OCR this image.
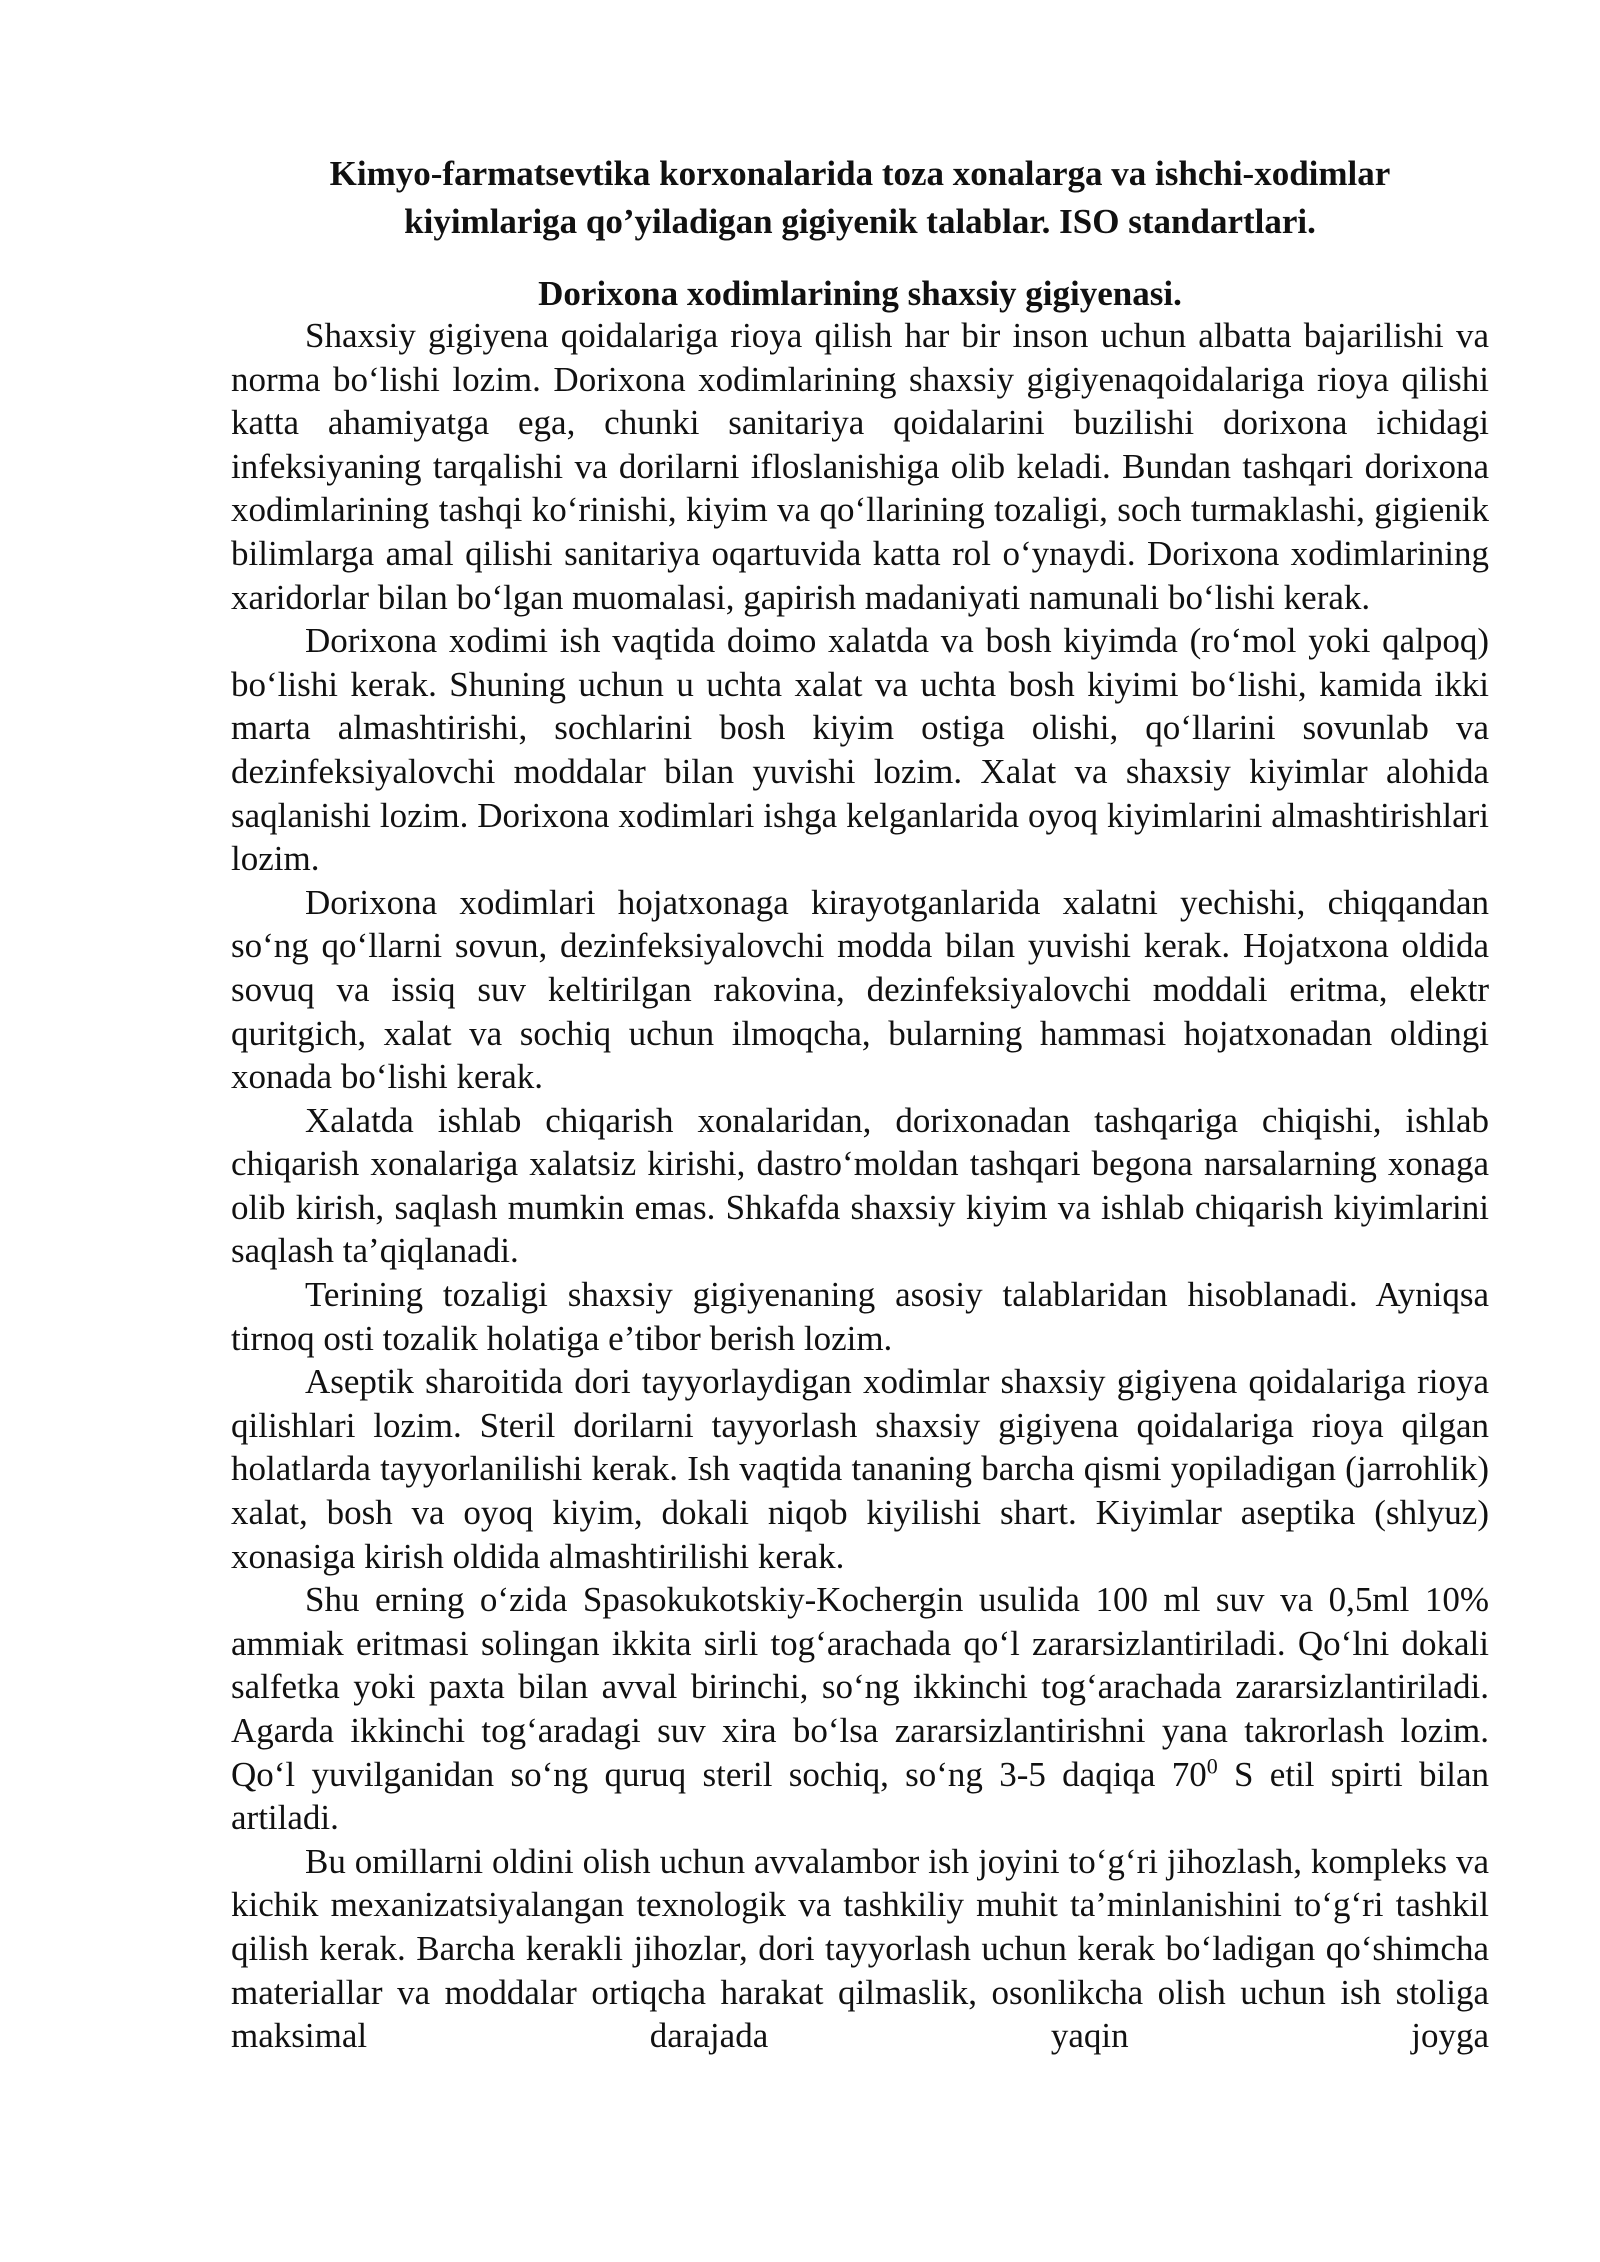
Kimyo-farmatsevtika korxonalarida toza xonalarga va ishchi-xodimlar
kiyimlariga qo’yiladigan gigiyenik talablar. ISO standartlari.
Dorixona xodimlarining shaxsiy gigiyenasi.

Shaxsiy gigiyena qoidalariga rioya qilish har bir inson uchun albatta bajarilishi va norma bo‘lishi lozim. Dorixona xodimlarining shaxsiy gigiyenaqoidalariga rioya qilishi katta ahamiyatga ega, chunki sanitariya qoidalarini buzilishi dorixona ichidagi infeksiyaning tarqalishi va dorilarni ifloslanishiga olib keladi. Bundan tashqari dorixona xodimlarining tashqi ko‘rinishi, kiyim va qo‘llarining tozaligi, soch turmaklashi, gigienik bilimlarga amal qilishi sanitariya oqartuvida katta rol o‘ynaydi. Dorixona xodimlarining xaridorlar bilan bo‘lgan muomalasi, gapirish madaniyati namunali bo‘lishi kerak.

Dorixona xodimi ish vaqtida doimo xalatda va bosh kiyimda (ro‘mol yoki qalpoq) bo‘lishi kerak. Shuning uchun u uchta xalat va uchta bosh kiyimi bo‘lishi, kamida ikki marta almashtirishi, sochlarini bosh kiyim ostiga olishi, qo‘llarini sovunlab va dezinfeksiyalovchi moddalar bilan yuvishi lozim. Xalat va shaxsiy kiyimlar alohida saqlanishi lozim. Dorixona xodimlari ishga kelganlarida oyoq kiyimlarini almashtirishlari lozim.

Dorixona xodimlari hojatxonaga kirayotganlarida xalatni yechishi, chiqqandan so‘ng qo‘llarni sovun, dezinfeksiyalovchi modda bilan yuvishi kerak. Hojatxona oldida sovuq va issiq suv keltirilgan rakovina, dezinfeksiyalovchi moddali eritma, elektr quritgich, xalat va sochiq uchun ilmoqcha, bularning hammasi hojatxonadan oldingi xonada bo‘lishi kerak.

Xalatda ishlab chiqarish xonalaridan, dorixonadan tashqariga chiqishi, ishlab chiqarish xonalariga xalatsiz kirishi, dastro‘moldan tashqari begona narsalarning xonaga olib kirish, saqlash mumkin emas. Shkafda shaxsiy kiyim va ishlab chiqarish kiyimlarini saqlash ta’qiqlanadi.

Terining tozaligi shaxsiy gigiyenaning asosiy talablaridan hisoblanadi. Ayniqsa tirnoq osti tozalik holatiga e’tibor berish lozim.

Aseptik sharoitida dori tayyorlaydigan xodimlar shaxsiy gigiyena qoidalariga rioya qilishlari lozim. Steril dorilarni tayyorlash shaxsiy gigiyena qoidalariga rioya qilgan holatlarda tayyorlanilishi kerak. Ish vaqtida tananing barcha qismi yopiladigan (jarrohlik) xalat, bosh va oyoq kiyim, dokali niqob kiyilishi shart. Kiyimlar aseptika (shlyuz) xonasiga kirish oldida almashtirilishi kerak.

Shu erning o‘zida Spasokukotskiy-Kochergin usulida 100 ml suv va 0,5ml 10% ammiak eritmasi solingan ikkita sirli tog‘arachada qo‘l zararsizlantiriladi. Qo‘lni dokali salfetka yoki paxta bilan avval birinchi, so‘ng ikkinchi tog‘arachada zararsizlantiriladi. Agarda ikkinchi tog‘aradagi suv xira bo‘lsa zararsizlantirishni yana takrorlash lozim. Qo‘l yuvilganidan so‘ng quruq steril sochiq, so‘ng 3-5 daqiqa $70^0$ S etil spirti bilan artiladi.

Bu omillarni oldini olish uchun avvalambor ish joyini to‘g‘ri jihozlash, kompleks va kichik mexanizatsiyalangan texnologik va tashkiliy muhit ta’minlanishini to‘g‘ri tashkil qilish kerak. Barcha kerakli jihozlar, dori tayyorlash uchun kerak bo‘ladigan qo‘shimcha materiallar va moddalar ortiqcha harakat qilmaslik, osonlikcha olish uchun ish stoliga maksimal darajada yaqin joyga
